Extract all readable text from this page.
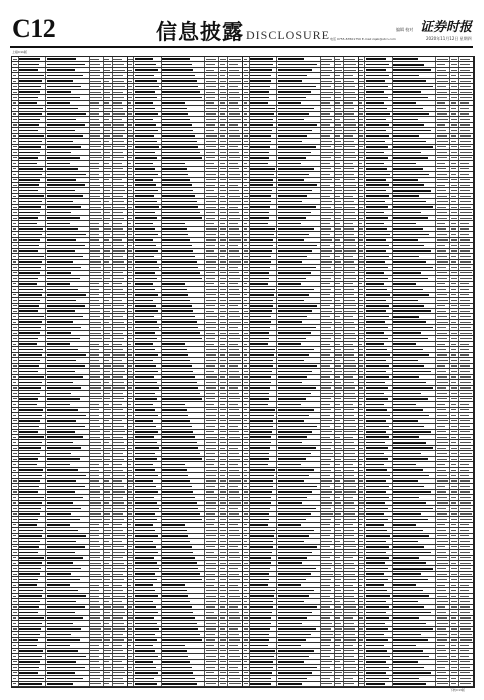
C12	信息披露 DISCLOSURE	编辑 校对
电话 0755-83501750 E-mail zqsb@stcn.com
证券时报
2020年11月12日 星期四
上接C11版
下转C13版
